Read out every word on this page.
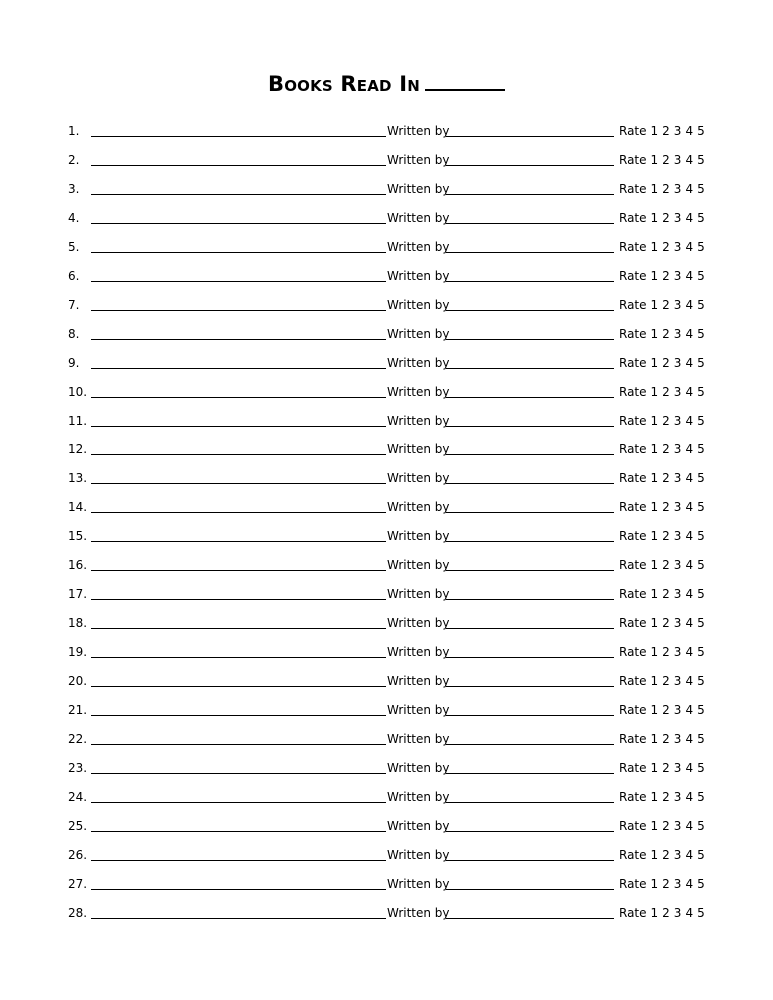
Books Read In
1.	Written by	Rate 1 2 3 4 5
2.	Written by	Rate 1 2 3 4 5
3.	Written by	Rate 1 2 3 4 5
4.	Written by	Rate 1 2 3 4 5
5.	Written by	Rate 1 2 3 4 5
6.	Written by	Rate 1 2 3 4 5
7.	Written by	Rate 1 2 3 4 5
8.	Written by	Rate 1 2 3 4 5
9.	Written by	Rate 1 2 3 4 5
10.	Written by	Rate 1 2 3 4 5
11.	Written by	Rate 1 2 3 4 5
12.	Written by	Rate 1 2 3 4 5
13.	Written by	Rate 1 2 3 4 5
14.	Written by	Rate 1 2 3 4 5
15.	Written by	Rate 1 2 3 4 5
16.	Written by	Rate 1 2 3 4 5
17.	Written by	Rate 1 2 3 4 5
18.	Written by	Rate 1 2 3 4 5
19.	Written by	Rate 1 2 3 4 5
20.	Written by	Rate 1 2 3 4 5
21.	Written by	Rate 1 2 3 4 5
22.	Written by	Rate 1 2 3 4 5
23.	Written by	Rate 1 2 3 4 5
24.	Written by	Rate 1 2 3 4 5
25.	Written by	Rate 1 2 3 4 5
26.	Written by	Rate 1 2 3 4 5
27.	Written by	Rate 1 2 3 4 5
28.	Written by	Rate 1 2 3 4 5
